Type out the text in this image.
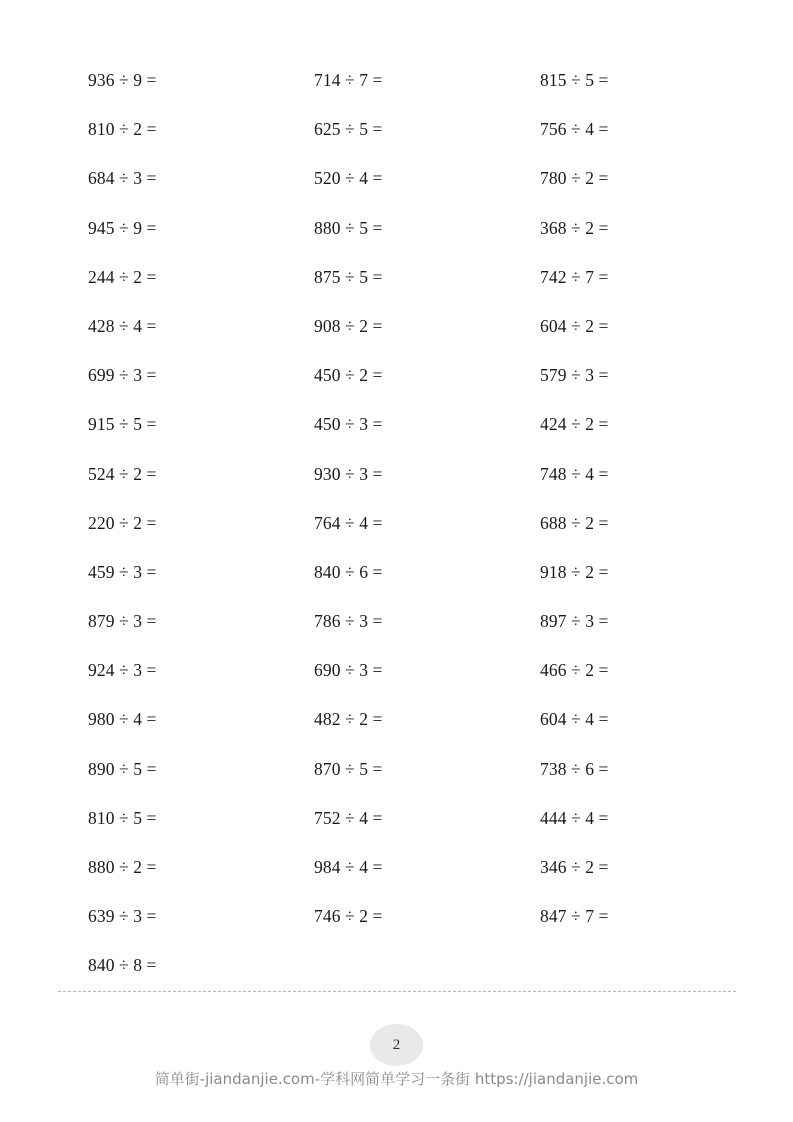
936 ÷ 9 =
810 ÷ 2 =
684 ÷ 3 =
945 ÷ 9 =
244 ÷ 2 =
428 ÷ 4 =
699 ÷ 3 =
915 ÷ 5 =
524 ÷ 2 =
220 ÷ 2 =
459 ÷ 3 =
879 ÷ 3 =
924 ÷ 3 =
980 ÷ 4 =
890 ÷ 5 =
810 ÷ 5 =
880 ÷ 2 =
639 ÷ 3 =
840 ÷ 8 =
714 ÷ 7 =
625 ÷ 5 =
520 ÷ 4 =
880 ÷ 5 =
875 ÷ 5 =
908 ÷ 2 =
450 ÷ 2 =
450 ÷ 3 =
930 ÷ 3 =
764 ÷ 4 =
840 ÷ 6 =
786 ÷ 3 =
690 ÷ 3 =
482 ÷ 2 =
870 ÷ 5 =
752 ÷ 4 =
984 ÷ 4 =
746 ÷ 2 =
815 ÷ 5 =
756 ÷ 4 =
780 ÷ 2 =
368 ÷ 2 =
742 ÷ 7 =
604 ÷ 2 =
579 ÷ 3 =
424 ÷ 2 =
748 ÷ 4 =
688 ÷ 2 =
918 ÷ 2 =
897 ÷ 3 =
466 ÷ 2 =
604 ÷ 4 =
738 ÷ 6 =
444 ÷ 4 =
346 ÷ 2 =
847 ÷ 7 =
2
简单街-jiandanjie.com-学科网简单学习一条街 https://jiandanjie.com
